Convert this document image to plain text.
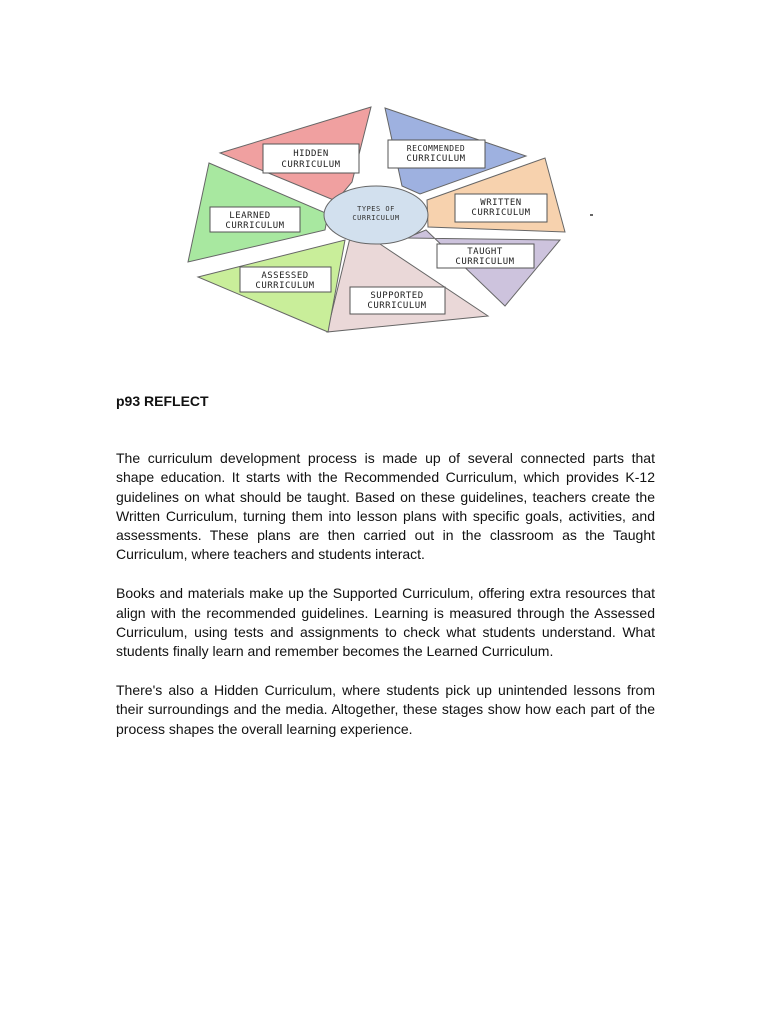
TYPES OF
CURRICULUM
HIDDEN
CURRICULUM
RECOMMENDED
CURRICULUM
WRITTEN
CURRICULUM
TAUGHT
CURRICULUM
SUPPORTED
CURRICULUM
ASSESSED
CURRICULUM
LEARNED
CURRICULUM
p93 REFLECT

The curriculum development process is made up of several connected parts that shape education. It starts with the Recommended Curriculum, which provides K-12 guidelines on what should be taught. Based on these guidelines, teachers create the Written Curriculum, turning them into lesson plans with specific goals, activities, and assessments. These plans are then carried out in the classroom as the Taught Curriculum, where teachers and students interact.

Books and materials make up the Supported Curriculum, offering extra resources that align with the recommended guidelines. Learning is measured through the Assessed Curriculum, using tests and assignments to check what students understand. What students finally learn and remember becomes the Learned Curriculum.

There's also a Hidden Curriculum, where students pick up unintended lessons from their surroundings and the media. Altogether, these stages show how each part of the process shapes the overall learning experience.
